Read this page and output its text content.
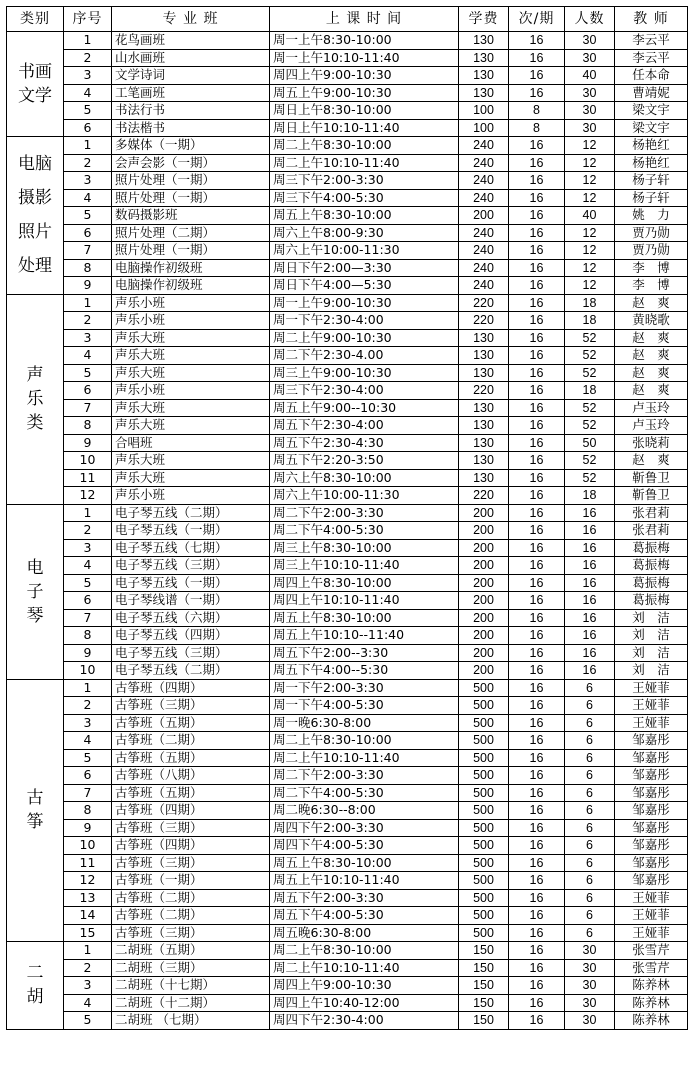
类别	序号	专 业 班	上 课 时 间	学费	次/期	人数	教 师

书画
文学	1	花鸟画班	周一上午8:30-10:00	130	16	30	李云平
	2	山水画班	周一上午10:10-11:40	130	16	30	李云平
	3	文学诗词	周四上午9:00-10:30	130	16	40	任本命
	4	工笔画班	周五上午9:00-10:30	130	16	30	曹靖妮
	5	书法行书	周日上午8:30-10:00	100	8	30	梁文宇
	6	书法楷书	周日上午10:10-11:40	100	8	30	梁文宇

电脑
摄影
照片
处理	1	多媒体（一期）	周二上午8:30-10:00	240	16	12	杨艳红
	2	会声会影（一期）	周二上午10:10-11:40	240	16	12	杨艳红
	3	照片处理（一期）	周三下午2:00-3:30	240	16	12	杨子轩
	4	照片处理（一期）	周三下午4:00-5:30	240	16	12	杨子轩
	5	数码摄影班	周五上午8:30-10:00	200	16	40	姚　力
	6	照片处理（二期）	周六上午8:00-9:30	240	16	12	贾乃勋
	7	照片处理（一期）	周六上午10:00-11:30	240	16	12	贾乃勋
	8	电脑操作初级班	周日下午2:00—3:30	240	16	12	李　博
	9	电脑操作初级班	周日下午4:00—5:30	240	16	12	李　博

声
乐
类	1	声乐小班	周一上午9:00-10:30	220	16	18	赵　爽
	2	声乐小班	周一下午2:30-4:00	220	16	18	黄晓歌
	3	声乐大班	周二上午9:00-10:30	130	16	52	赵　爽
	4	声乐大班	周二下午2:30-4.00	130	16	52	赵　爽
	5	声乐大班	周三上午9:00-10:30	130	16	52	赵　爽
	6	声乐小班	周三下午2:30-4:00	220	16	18	赵　爽
	7	声乐大班	周五上午9:00--10:30	130	16	52	卢玉玲
	8	声乐大班	周五下午2:30-4:00	130	16	52	卢玉玲
	9	合唱班	周五下午2:30-4:30	130	16	50	张晓莉
	10	声乐大班	周五下午2:20-3:50	130	16	52	赵　爽
	11	声乐大班	周六上午8:30-10:00	130	16	52	靳鲁卫
	12	声乐小班	周六上午10:00-11:30	220	16	18	靳鲁卫

电
子
琴	1	电子琴五线（二期）	周二下午2:00-3:30	200	16	16	张君莉
	2	电子琴五线（一期）	周二下午4:00-5:30	200	16	16	张君莉
	3	电子琴五线（七期）	周三上午8:30-10:00	200	16	16	葛振梅
	4	电子琴五线（三期）	周三上午10:10-11:40	200	16	16	葛振梅
	5	电子琴五线（一期）	周四上午8:30-10:00	200	16	16	葛振梅
	6	电子琴线谱（一期）	周四上午10:10-11:40	200	16	16	葛振梅
	7	电子琴五线（六期）	周五上午8:30-10:00	200	16	16	刘　洁
	8	电子琴五线（四期）	周五上午10:10--11:40	200	16	16	刘　洁
	9	电子琴五线（三期）	周五下午2:00--3:30	200	16	16	刘　洁
	10	电子琴五线（二期）	周五下午4:00--5:30	200	16	16	刘　洁

古
筝	1	古筝班（四期）	周一下午2:00-3:30	500	16	6	王娅菲
	2	古筝班（三期）	周一下午4:00-5:30	500	16	6	王娅菲
	3	古筝班（五期）	周一晚6:30-8:00	500	16	6	王娅菲
	4	古筝班（二期）	周二上午8:30-10:00	500	16	6	邹嘉彤
	5	古筝班（五期）	周二上午10:10-11:40	500	16	6	邹嘉彤
	6	古筝班（八期）	周二下午2:00-3:30	500	16	6	邹嘉彤
	7	古筝班（五期）	周二下午4:00-5:30	500	16	6	邹嘉彤
	8	古筝班（四期）	周二晚6:30--8:00	500	16	6	邹嘉彤
	9	古筝班（三期）	周四下午2:00-3:30	500	16	6	邹嘉彤
	10	古筝班（四期）	周四下午4:00-5:30	500	16	6	邹嘉彤
	11	古筝班（三期）	周五上午8:30-10:00	500	16	6	邹嘉彤
	12	古筝班（一期）	周五上午10:10-11:40	500	16	6	邹嘉彤
	13	古筝班（二期）	周五下午2:00-3:30	500	16	6	王娅菲
	14	古筝班（二期）	周五下午4:00-5:30	500	16	6	王娅菲
	15	古筝班（三期）	周五晚6:30-8:00	500	16	6	王娅菲

二
胡	1	二胡班（五期）	周二上午8:30-10:00	150	16	30	张雪芹
	2	二胡班（三期）	周二上午10:10-11:40	150	16	30	张雪芹
	3	二胡班（十七期）	周四上午9:00-10:30	150	16	30	陈养林
	4	二胡班（十二期）	周四上午10:40-12:00	150	16	30	陈养林
	5	二胡班 （七期）	周四下午2:30-4:00	150	16	30	陈养林
